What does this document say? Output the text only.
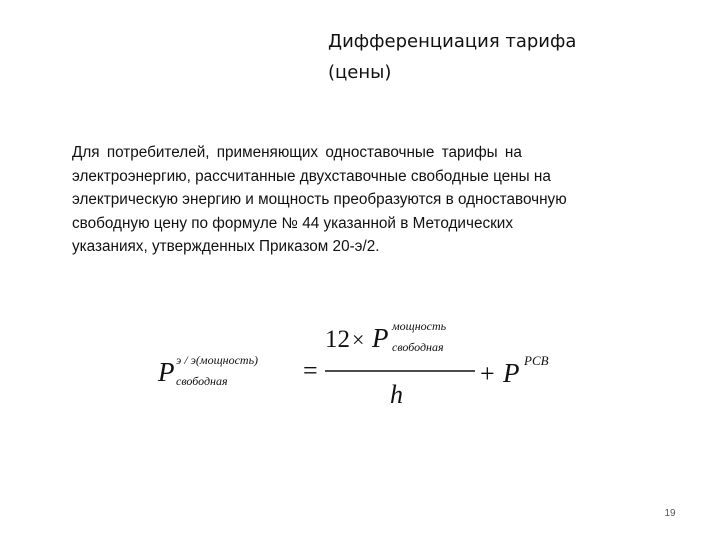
Дифференциация тарифа
(цены)
Для потребителей, применяющих одноставочные тарифы на
электроэнергию, рассчитанные двухставочные свободные цены на
электрическую энергию и мощность преобразуются в одноставочную
свободную цену по формуле № 44 указанной в Методических
указаниях, утвержденных Приказом 20-э/2.
P э / э(мощность)
свободная	=
12 × P мощность
свободная
h
+ P РСВ
19
